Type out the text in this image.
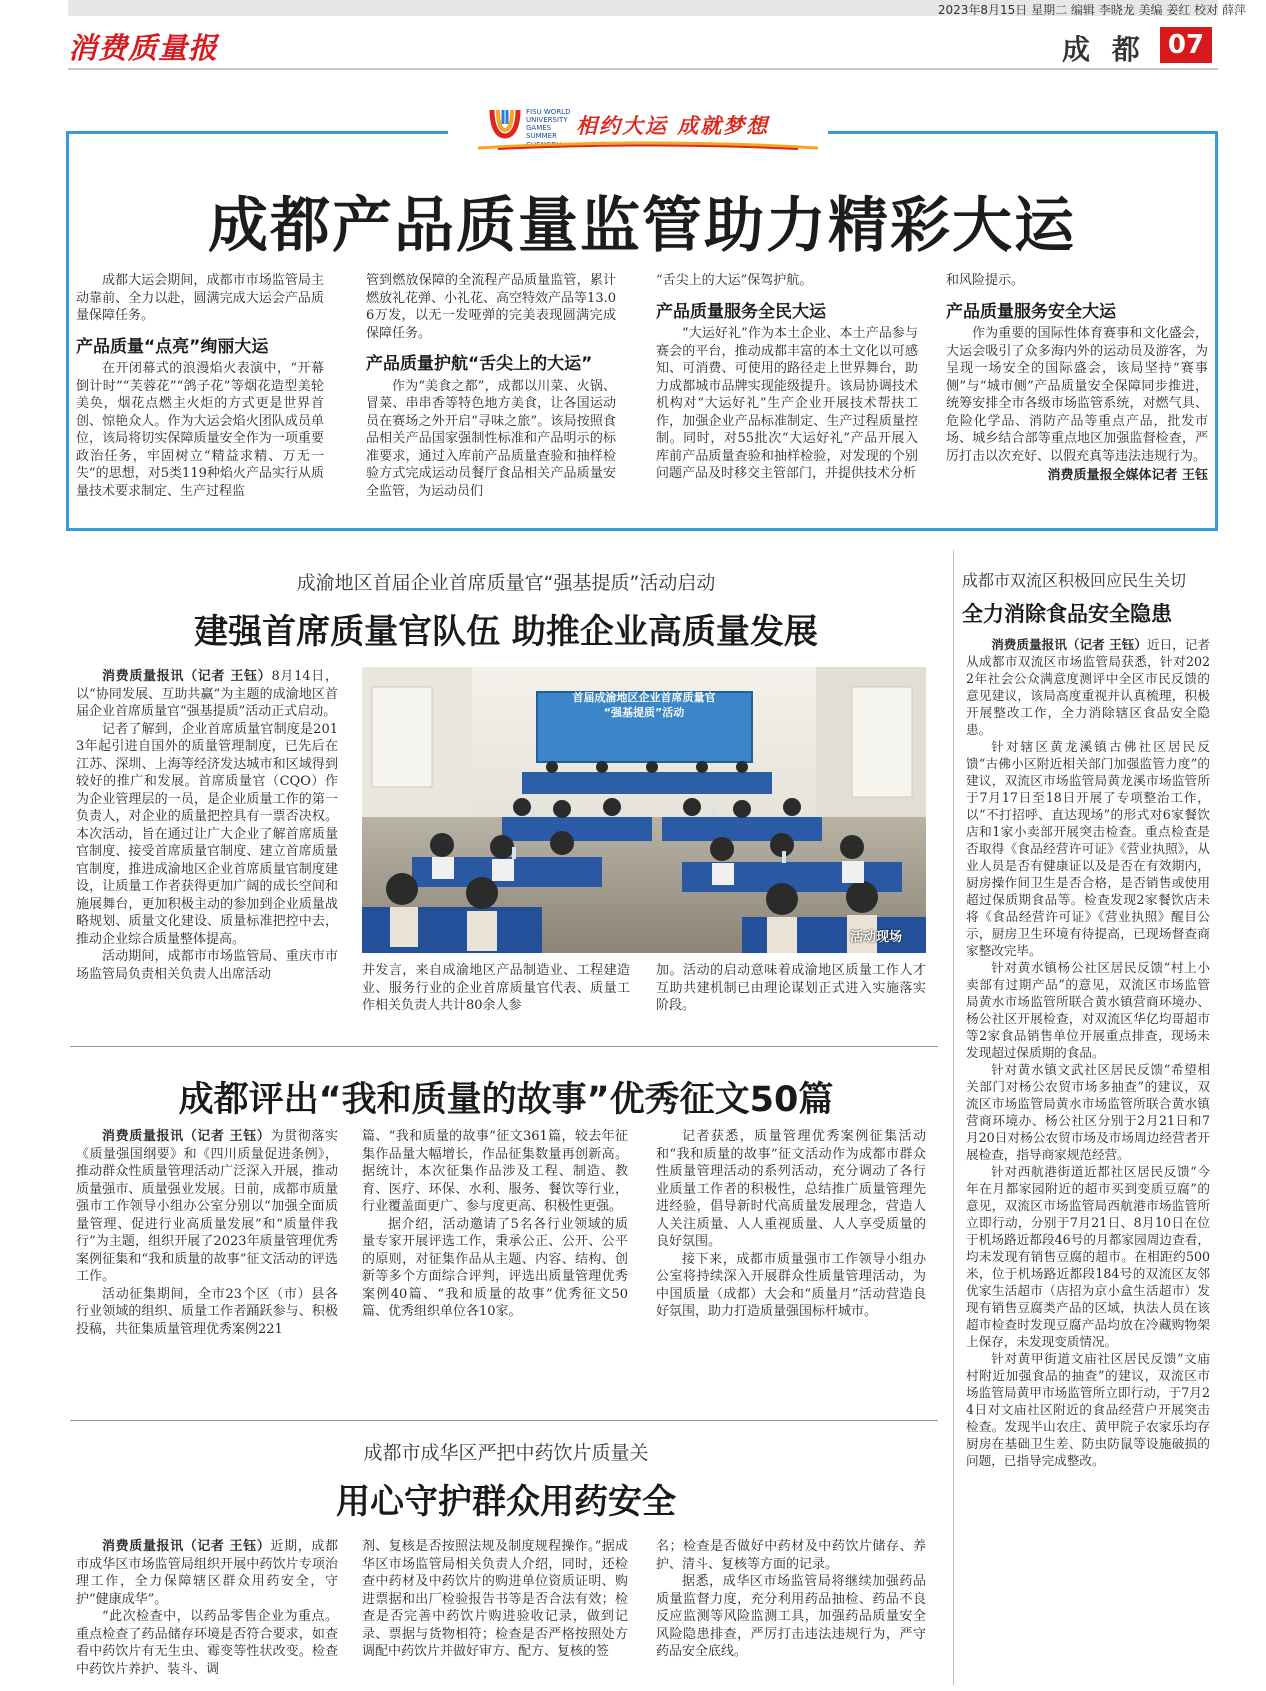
2023年8月15日 星期二 编辑 李晓龙 美编 姜红 校对 薛萍
消费质量报	成 都 07
FISU WORLD UNIVERSITY GAMES SUMMER
CHENGDU
相约大运 成就梦想
成都产品质量监管助力精彩大运

成都大运会期间，成都市市场监管局主动靠前、全力以赴，圆满完成大运会产品质量保障任务。

产品质量“点亮”绚丽大运

在开闭幕式的浪漫焰火表演中，“开幕倒计时”“芙蓉花”“鸽子花”等烟花造型美轮美奂，烟花点燃主火炬的方式更是世界首创、惊艳众人。作为大运会焰火团队成员单位，该局将切实保障质量安全作为一项重要政治任务，牢固树立“精益求精、万无一失”的思想，对5类119种焰火产品实行从质量技术要求制定、生产过程监

管到燃放保障的全流程产品质量监管，累计燃放礼花弹、小礼花、高空特效产品等13.06万发，以无一发哑弹的完美表现圆满完成保障任务。
产品质量护航“舌尖上的大运”

作为“美食之都”，成都以川菜、火锅、冒菜、串串香等特色地方美食，让各国运动员在赛场之外开启“寻味之旅”。该局按照食品相关产品国家强制性标准和产品明示的标准要求，通过入库前产品质量查验和抽样检验方式完成运动员餐厅食品相关产品质量安全监管，为运动员们

“舌尖上的大运”保驾护航。
产品质量服务全民大运

“大运好礼”作为本土企业、本土产品参与赛会的平台，推动成都丰富的本土文化以可感知、可消费、可使用的路径走上世界舞台，助力成都城市品牌实现能级提升。该局协调技术机构对“大运好礼”生产企业开展技术帮扶工作，加强企业产品标准制定、生产过程质量控制。同时，对55批次“大运好礼”产品开展入库前产品质量查验和抽样检验，对发现的个别问题产品及时移交主管部门，并提供技术分析

和风险提示。
产品质量服务安全大运

作为重要的国际性体育赛事和文化盛会，大运会吸引了众多海内外的运动员及游客，为呈现一场安全的国际盛会，该局坚持“赛事侧”与“城市侧”产品质量安全保障同步推进，统筹安排全市各级市场监管系统，对燃气具、危险化学品、消防产品等重点产品，批发市场、城乡结合部等重点地区加强监督检查，严厉打击以次充好、以假充真等违法违规行为。

消费质量报全媒体记者 王钰
成渝地区首届企业首席质量官“强基提质”活动启动
建强首席质量官队伍 助推企业高质量发展

消费质量报讯（记者 王钰）8月14日，以“协同发展、互助共赢”为主题的成渝地区首届企业首席质量官“强基提质”活动正式启动。

记者了解到，企业首席质量官制度是2013年起引进自国外的质量管理制度，已先后在江苏、深圳、上海等经济发达城市和区域得到较好的推广和发展。首席质量官（CQO）作为企业管理层的一员，是企业质量工作的第一负责人，对企业的质量把控具有一票否决权。本次活动，旨在通过让广大企业了解首席质量官制度、接受首席质量官制度、建立首席质量官制度，推进成渝地区企业首席质量官制度建设，让质量工作者获得更加广阔的成长空间和施展舞台，更加积极主动的参加到企业质量战略规划、质量文化建设、质量标准把控中去，推动企业综合质量整体提高。

活动期间，成都市市场监管局、重庆市市场监管局负责相关负责人出席活动

首届成渝地区企业首席质量官
“强基提质”活动
活动现场
并发言，来自成渝地区产品制造业、工程建造业、服务行业的企业首席质量官代表、质量工作相关负责人共计80余人参
加。活动的启动意味着成渝地区质量工作人才互助共建机制已由理论谋划正式进入实施落实阶段。
成都评出“我和质量的故事”优秀征文50篇

消费质量报讯（记者 王钰）为贯彻落实《质量强国纲要》和《四川质量促进条例》，推动群众性质量管理活动广泛深入开展，推动质量强市、质量强业发展。日前，成都市质量强市工作领导小组办公室分别以“加强全面质量管理、促进行业高质量发展”和“质量伴我行”为主题，组织开展了2023年质量管理优秀案例征集和“我和质量的故事”征文活动的评选工作。

活动征集期间，全市23个区（市）县各行业领域的组织、质量工作者踊跃参与、积极投稿，共征集质量管理优秀案例221

篇、“我和质量的故事”征文361篇，较去年征集作品量大幅增长，作品征集数量再创新高。据统计，本次征集作品涉及工程、制造、教育、医疗、环保、水利、服务、餐饮等行业，行业覆盖面更广、参与度更高、积极性更强。

据介绍，活动邀请了5名各行业领域的质量专家开展评选工作，秉承公正、公开、公平的原则，对征集作品从主题、内容、结构、创新等多个方面综合评判，评选出质量管理优秀案例40篇、“我和质量的故事”优秀征文50篇、优秀组织单位各10家。

记者获悉，质量管理优秀案例征集活动和“我和质量的故事”征文活动作为成都市群众性质量管理活动的系列活动，充分调动了各行业质量工作者的积极性，总结推广质量管理先进经验，倡导新时代高质量发展理念，营造人人关注质量、人人重视质量、人人享受质量的良好氛围。

接下来，成都市质量强市工作领导小组办公室将持续深入开展群众性质量管理活动，为中国质量（成都）大会和“质量月”活动营造良好氛围，助力打造质量强国标杆城市。

成都市成华区严把中药饮片质量关
用心守护群众用药安全

消费质量报讯（记者 王钰）近期，成都市成华区市场监管局组织开展中药饮片专项治理工作，全力保障辖区群众用药安全，守护“健康成华”。

“此次检查中，以药品零售企业为重点。重点检查了药品储存环境是否符合要求，如查看中药饮片有无生虫、霉变等性状改变。检查中药饮片养护、装斗、调

剂、复核是否按照法规及制度规程操作。”据成华区市场监管局相关负责人介绍，同时，还检查中药材及中药饮片的购进单位资质证明、购进票据和出厂检验报告书等是否合法有效；检查是否完善中药饮片购进验收记录，做到记录、票据与货物相符；检查是否严格按照处方调配中药饮片并做好审方、配方、复核的签
名；检查是否做好中药材及中药饮片储存、养护、清斗、复核等方面的记录。

据悉，成华区市场监管局将继续加强药品质量监督力度，充分利用药品抽检、药品不良反应监测等风险监测工具，加强药品质量安全风险隐患排查，严厉打击违法违规行为，严守药品安全底线。

成都市双流区积极回应民生关切
全力消除食品安全隐患

消费质量报讯（记者 王钰）近日，记者从成都市双流区市场监管局获悉，针对2022年社会公众满意度测评中全区市民反馈的意见建议，该局高度重视并认真梳理，积极开展整改工作，全力消除辖区食品安全隐患。

针对辖区黄龙溪镇古佛社区居民反馈“古佛小区附近相关部门加强监管力度”的建议，双流区市场监管局黄龙溪市场监管所于7月17日至18日开展了专项整治工作，以“不打招呼、直达现场”的形式对6家餐饮店和1家小卖部开展突击检查。重点检查是否取得《食品经营许可证》《营业执照》，从业人员是否有健康证以及是否在有效期内，厨房操作间卫生是否合格，是否销售或使用超过保质期食品等。检查发现2家餐饮店未将《食品经营许可证》《营业执照》醒目公示，厨房卫生环境有待提高，已现场督查商家整改完毕。

针对黄水镇杨公社区居民反馈“村上小卖部有过期产品”的意见，双流区市场监管局黄水市场监管所联合黄水镇营商环境办、杨公社区开展检查，对双流区华亿均哥超市等2家食品销售单位开展重点排查，现场未发现超过保质期的食品。

针对黄水镇文武社区居民反馈“希望相关部门对杨公农贸市场多抽查”的建议，双流区市场监管局黄水市场监管所联合黄水镇营商环境办、杨公社区分别于2月21日和7月20日对杨公农贸市场及市场周边经营者开展检查，指导商家规范经营。

针对西航港街道近都社区居民反馈“今年在月都家园附近的超市买到变质豆腐”的意见，双流区市场监管局西航港市场监管所立即行动，分别于7月21日、8月10日在位于机场路近都段46号的月都家园周边查看，均未发现有销售豆腐的超市。在相距约500米，位于机场路近都段184号的双流区友邻优家生活超市（店招为京小盒生活超市）发现有销售豆腐类产品的区域，执法人员在该超市检查时发现豆腐产品均放在冷藏购物架上保存，未发现变质情况。

针对黄甲街道文庙社区居民反馈“文庙村附近加强食品的抽查”的建议，双流区市场监管局黄甲市场监管所立即行动，于7月24日对文庙社区附近的食品经营户开展突击检查。发现半山农庄、黄甲院子农家乐均存厨房在基础卫生差、防虫防鼠等设施破损的问题，已指导完成整改。
